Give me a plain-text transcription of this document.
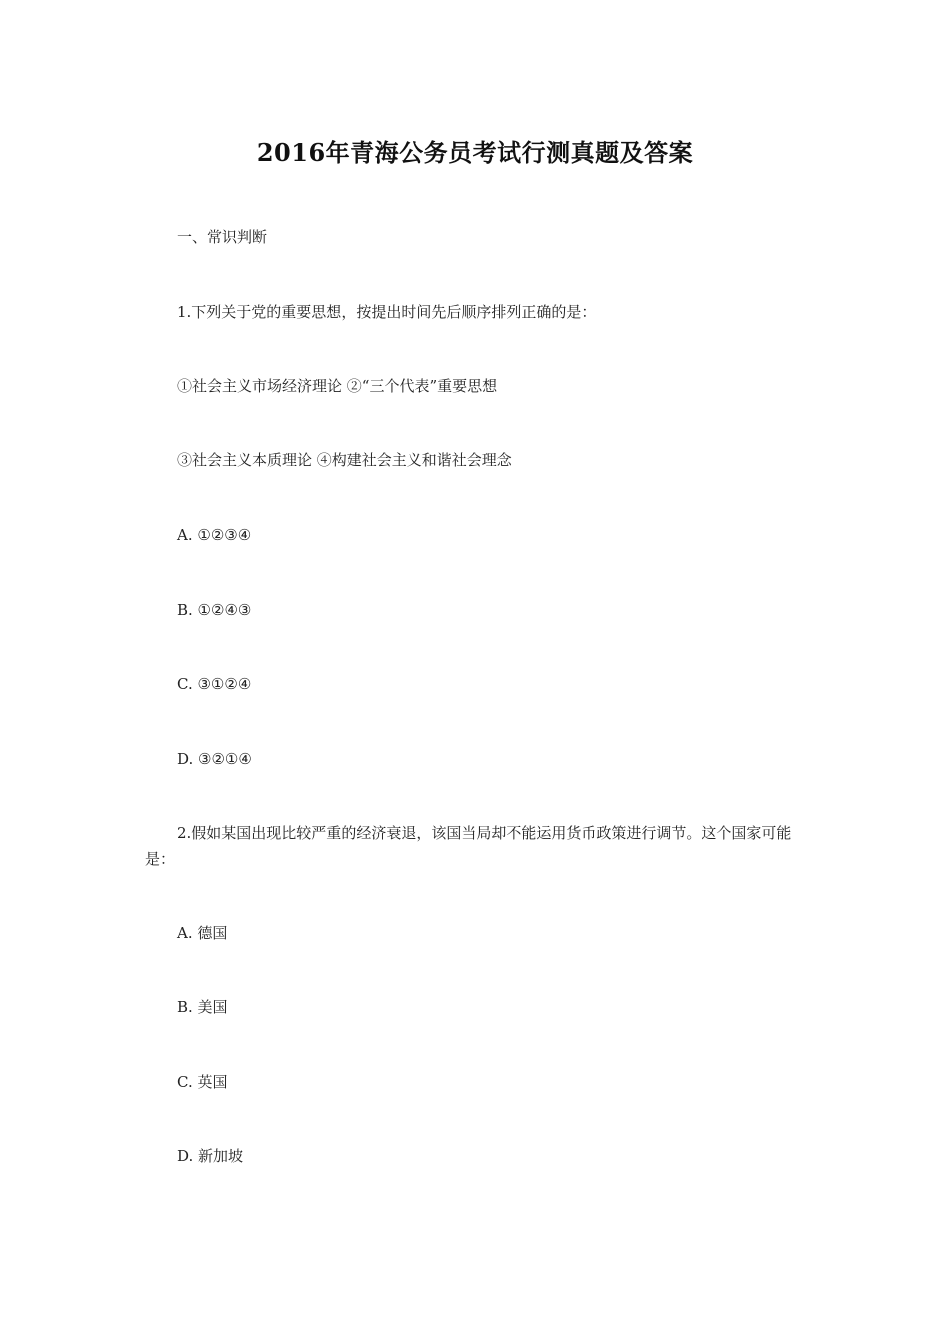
2016年青海公务员考试行测真题及答案
一、常识判断
1.下列关于党的重要思想，按提出时间先后顺序排列正确的是：
①社会主义市场经济理论 ②“三个代表”重要思想
③社会主义本质理论 ④构建社会主义和谐社会理念
A. ①②③④
B. ①②④③
C. ③①②④
D. ③②①④
2.假如某国出现比较严重的经济衰退，该国当局却不能运用货币政策进行调节。这个国家可能是：
A. 德国
B. 美国
C. 英国
D. 新加坡
